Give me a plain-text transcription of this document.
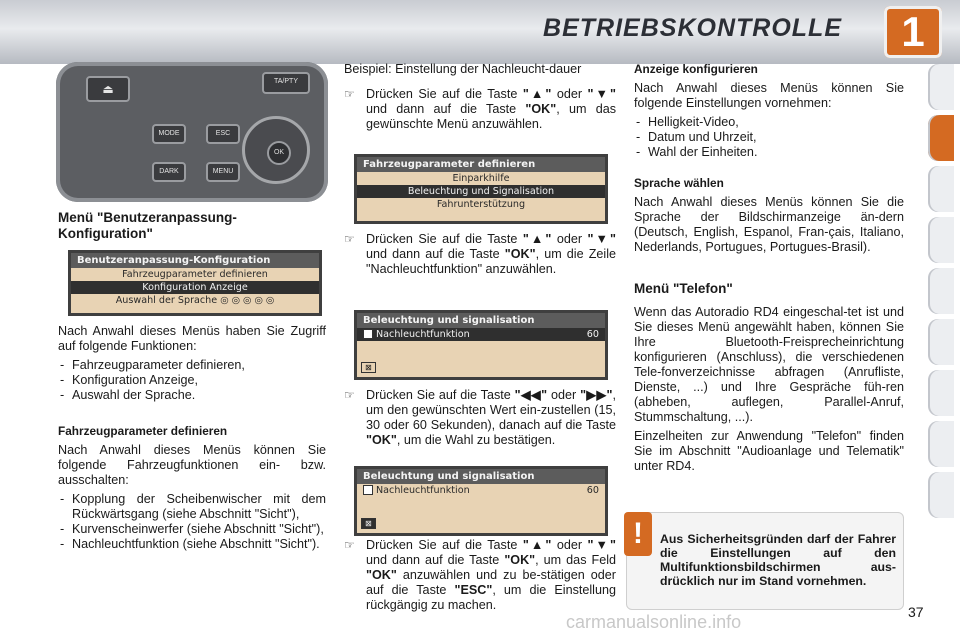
BETRIEBSKONTROLLE	1
⏏
TA/PTY
MODE
DARK
ESC
MENU
OK
Menü "Benutzeranpassung-Konfiguration"
Benutzeranpassung-Konfiguration
Fahrzeugparameter definieren
Konfiguration Anzeige
Auswahl der Sprache ◎ ◎ ◎ ◎ ◎

Nach Anwahl dieses Menüs haben Sie Zugriff auf folgende Funktionen:

- Fahrzeugparameter definieren,
- Konfiguration Anzeige,
- Auswahl der Sprache.

Fahrzeugparameter definieren

Nach Anwahl dieses Menüs können Sie folgende Fahrzeugfunktionen ein- bzw. ausschalten:

- Kopplung der Scheibenwischer mit dem Rückwärtsgang (siehe Abschnitt "Sicht"),
- Kurvenscheinwerfer (siehe Abschnitt "Sicht"),
- Nachleuchtfunktion (siehe Abschnitt "Sicht").

Beispiel: Einstellung der Nachleucht-dauer

☞ Drücken Sie auf die Taste "▲" oder "▼" und dann auf die Taste "OK", um das gewünschte Menü anzuwählen.
Fahrzeugparameter definieren
Einparkhilfe
Beleuchtung und Signalisation
Fahrunterstützung
☞ Drücken Sie auf die Taste "▲" oder "▼" und dann auf die Taste "OK", um die Zeile "Nachleuchtfunktion" anzuwählen.
Beleuchtung und signalisation
Nachleuchtfunktion	60
⊠
☞ Drücken Sie auf die Taste "◀◀" oder "▶▶", um den gewünschten Wert ein-zustellen (15, 30 oder 60 Sekunden), danach auf die Taste "OK", um die Wahl zu bestätigen.
Beleuchtung und signalisation
Nachleuchtfunktion	60
⊠
☞ Drücken Sie auf die Taste "▲" oder "▼" und dann auf die Taste "OK", um das Feld "OK" anzuwählen und zu be-stätigen oder auf die Taste "ESC", um die Einstellung rückgängig zu machen.

Anzeige konfigurieren

Nach Anwahl dieses Menüs können Sie folgende Einstellungen vornehmen:

- Helligkeit-Video,
- Datum und Uhrzeit,
- Wahl der Einheiten.

Sprache wählen

Nach Anwahl dieses Menüs können Sie die Sprache der Bildschirmanzeige än-dern (Deutsch, English, Espanol, Fran-çais, Italiano, Nederlands, Portugues, Portugues-Brasil).

Menü "Telefon"

Wenn das Autoradio RD4 eingeschal-tet ist und Sie dieses Menü angewählt haben, können Sie Ihre Bluetooth-Freisprecheinrichtung konfigurieren (Anschluss), die verschiedenen Tele-fonverzeichnisse abfragen (Anrufliste, Dienste, ...) und Ihre Gespräche füh-ren (abheben, auflegen, Parallel-Anruf, Stummschaltung, ...).

Einzelheiten zur Anwendung "Telefon" finden Sie im Abschnitt "Audioanlage und Telematik" unter RD4.

!	Aus Sicherheitsgründen darf der Fahrer die Einstellungen auf den Multifunktionsbildschirmen aus-drücklich nur im Stand vornehmen.
37
carmanualsonline.info
